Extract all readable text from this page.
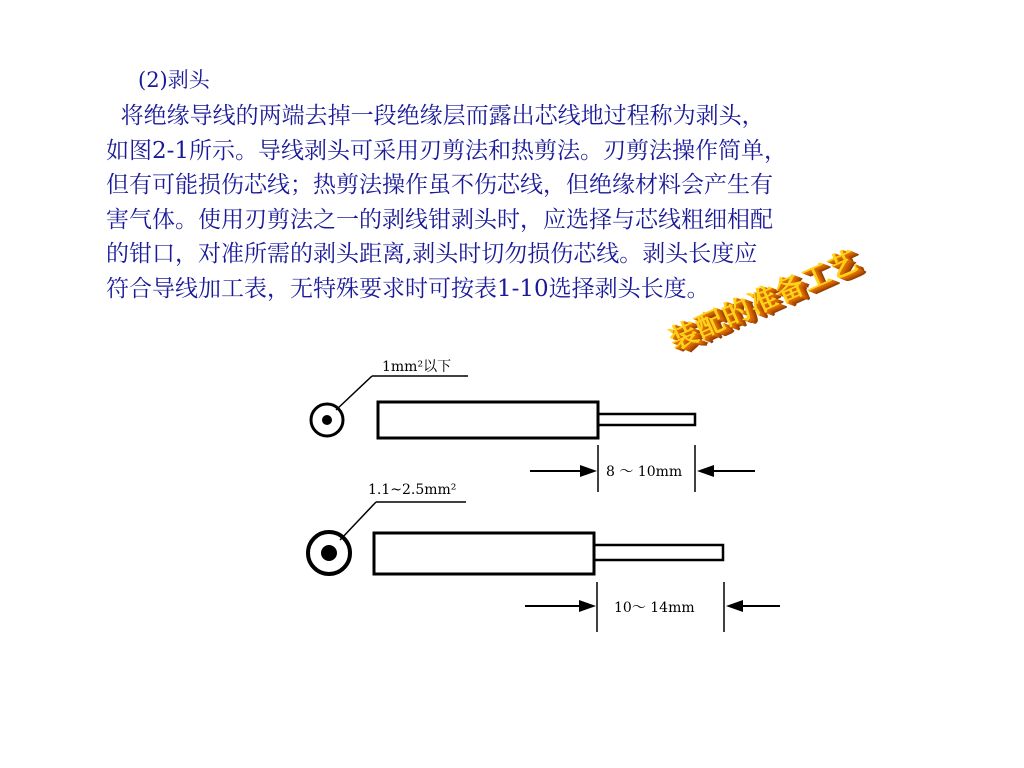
(2)剥头
将绝缘导线的两端去掉一段绝缘层而露出芯线地过程称为剥头，
如图2-1所示。导线剥头可采用刃剪法和热剪法。刃剪法操作简单，
但有可能损伤芯线；热剪法操作虽不伤芯线，但绝缘材料会产生有
害气体。使用刃剪法之一的剥线钳剥头时，应选择与芯线粗细相配
的钳口，对准所需的剥头距离,剥头时切勿损伤芯线。剥头长度应
符合导线加工表，无特殊要求时可按表1-10选择剥头长度。
装配的准备工艺
1mm²以下
8 ～ 10mm
1.1~2.5mm²
10～ 14mm
